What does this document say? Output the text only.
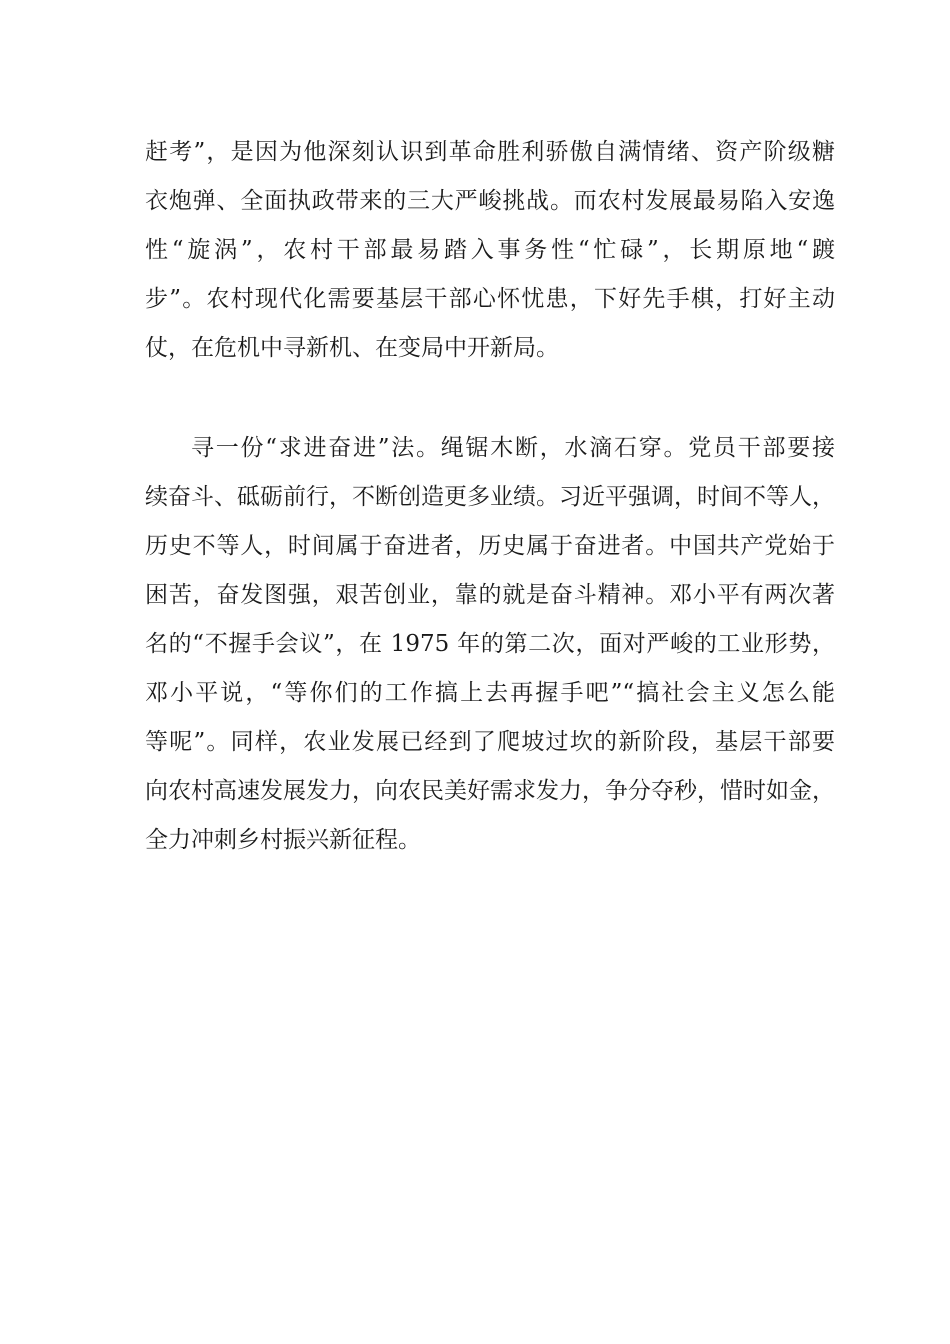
赶考”，是因为他深刻认识到革命胜利骄傲自满情绪、资产阶级糖
衣炮弹、全面执政带来的三大严峻挑战。而农村发展最易陷入安逸
性“旋涡”，农村干部最易踏入事务性“忙碌”，长期原地“踱
步”。农村现代化需要基层干部心怀忧患，下好先手棋，打好主动
仗，在危机中寻新机、在变局中开新局。

寻一份“求进奋进”法。绳锯木断，水滴石穿。党员干部要接
续奋斗、砥砺前行，不断创造更多业绩。习近平强调，时间不等人，
历史不等人，时间属于奋进者，历史属于奋进者。中国共产党始于
困苦，奋发图强，艰苦创业，靠的就是奋斗精神。邓小平有两次著
名的“不握手会议”，在 1975 年的第二次，面对严峻的工业形势，
邓小平说，“等你们的工作搞上去再握手吧”“搞社会主义怎么能
等呢”。同样，农业发展已经到了爬坡过坎的新阶段，基层干部要
向农村高速发展发力，向农民美好需求发力，争分夺秒，惜时如金，
全力冲刺乡村振兴新征程。
